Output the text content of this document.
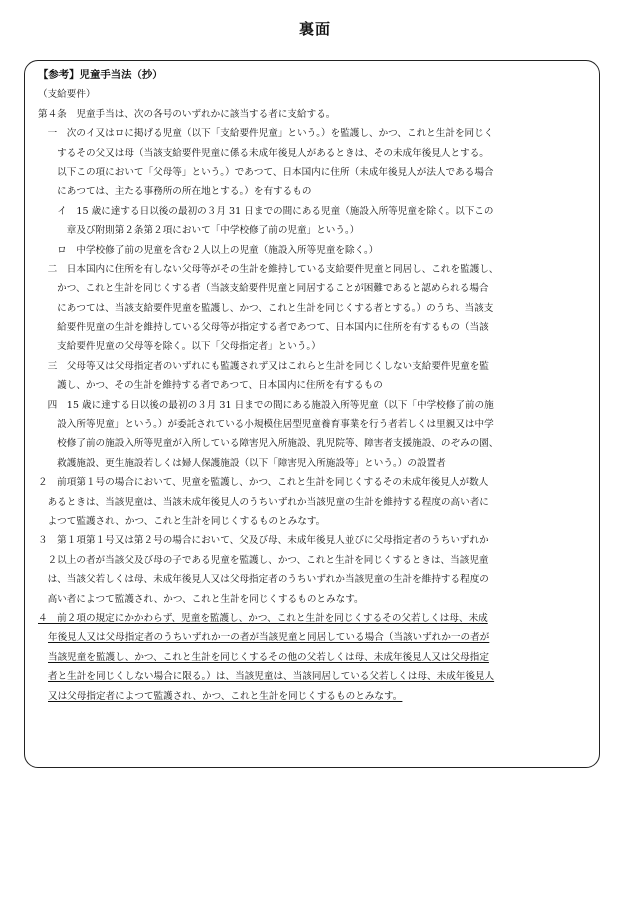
裏面
【参考】児童手当法（抄）
（支給要件）
第４条　児童手当は、次の各号のいずれかに該当する者に支給する。
　一　次のイ又はロに掲げる児童（以下「支給要件児童」という。）を監護し、かつ、これと生計を同じく
　　するその父又は母（当該支給要件児童に係る未成年後見人があるときは、その未成年後見人とする。
　　以下この項において「父母等」という。）であつて、日本国内に住所（未成年後見人が法人である場合
　　にあつては、主たる事務所の所在地とする。）を有するもの
　　イ　15 歳に達する日以後の最初の３月 31 日までの間にある児童（施設入所等児童を除く。以下この
　　　章及び附則第２条第２項において「中学校修了前の児童」という。）
　　ロ　中学校修了前の児童を含む２人以上の児童（施設入所等児童を除く。）
　二　日本国内に住所を有しない父母等がその生計を維持している支給要件児童と同居し、これを監護し、
　　かつ、これと生計を同じくする者（当該支給要件児童と同居することが困難であると認められる場合
　　にあつては、当該支給要件児童を監護し、かつ、これと生計を同じくする者とする。）のうち、当該支
　　給要件児童の生計を維持している父母等が指定する者であつて、日本国内に住所を有するもの（当該
　　支給要件児童の父母等を除く。以下「父母指定者」という。）
　三　父母等又は父母指定者のいずれにも監護されず又はこれらと生計を同じくしない支給要件児童を監
　　護し、かつ、その生計を維持する者であつて、日本国内に住所を有するもの
　四　15 歳に達する日以後の最初の３月 31 日までの間にある施設入所等児童（以下「中学校修了前の施
　　設入所等児童」という。）が委託されている小規模住居型児童養育事業を行う者若しくは里親又は中学
　　校修了前の施設入所等児童が入所している障害児入所施設、乳児院等、障害者支援施設、のぞみの園、
　　救護施設、更生施設若しくは婦人保護施設（以下「障害児入所施設等」という。）の設置者
２　前項第１号の場合において、児童を監護し、かつ、これと生計を同じくするその未成年後見人が数人
　あるときは、当該児童は、当該未成年後見人のうちいずれか当該児童の生計を維持する程度の高い者に
　よつて監護され、かつ、これと生計を同じくするものとみなす。
３　第１項第１号又は第２号の場合において、父及び母、未成年後見人並びに父母指定者のうちいずれか
　２以上の者が当該父及び母の子である児童を監護し、かつ、これと生計を同じくするときは、当該児童
　は、当該父若しくは母、未成年後見人又は父母指定者のうちいずれか当該児童の生計を維持する程度の
　高い者によつて監護され、かつ、これと生計を同じくするものとみなす。
４　前２項の規定にかかわらず、児童を監護し、かつ、これと生計を同じくするその父若しくは母、未成
年後見人又は父母指定者のうちいずれか一の者が当該児童と同居している場合（当該いずれか一の者が
当該児童を監護し、かつ、これと生計を同じくするその他の父若しくは母、未成年後見人又は父母指定
者と生計を同じくしない場合に限る。）は、当該児童は、当該同居している父若しくは母、未成年後見人
又は父母指定者によつて監護され、かつ、これと生計を同じくするものとみなす。
